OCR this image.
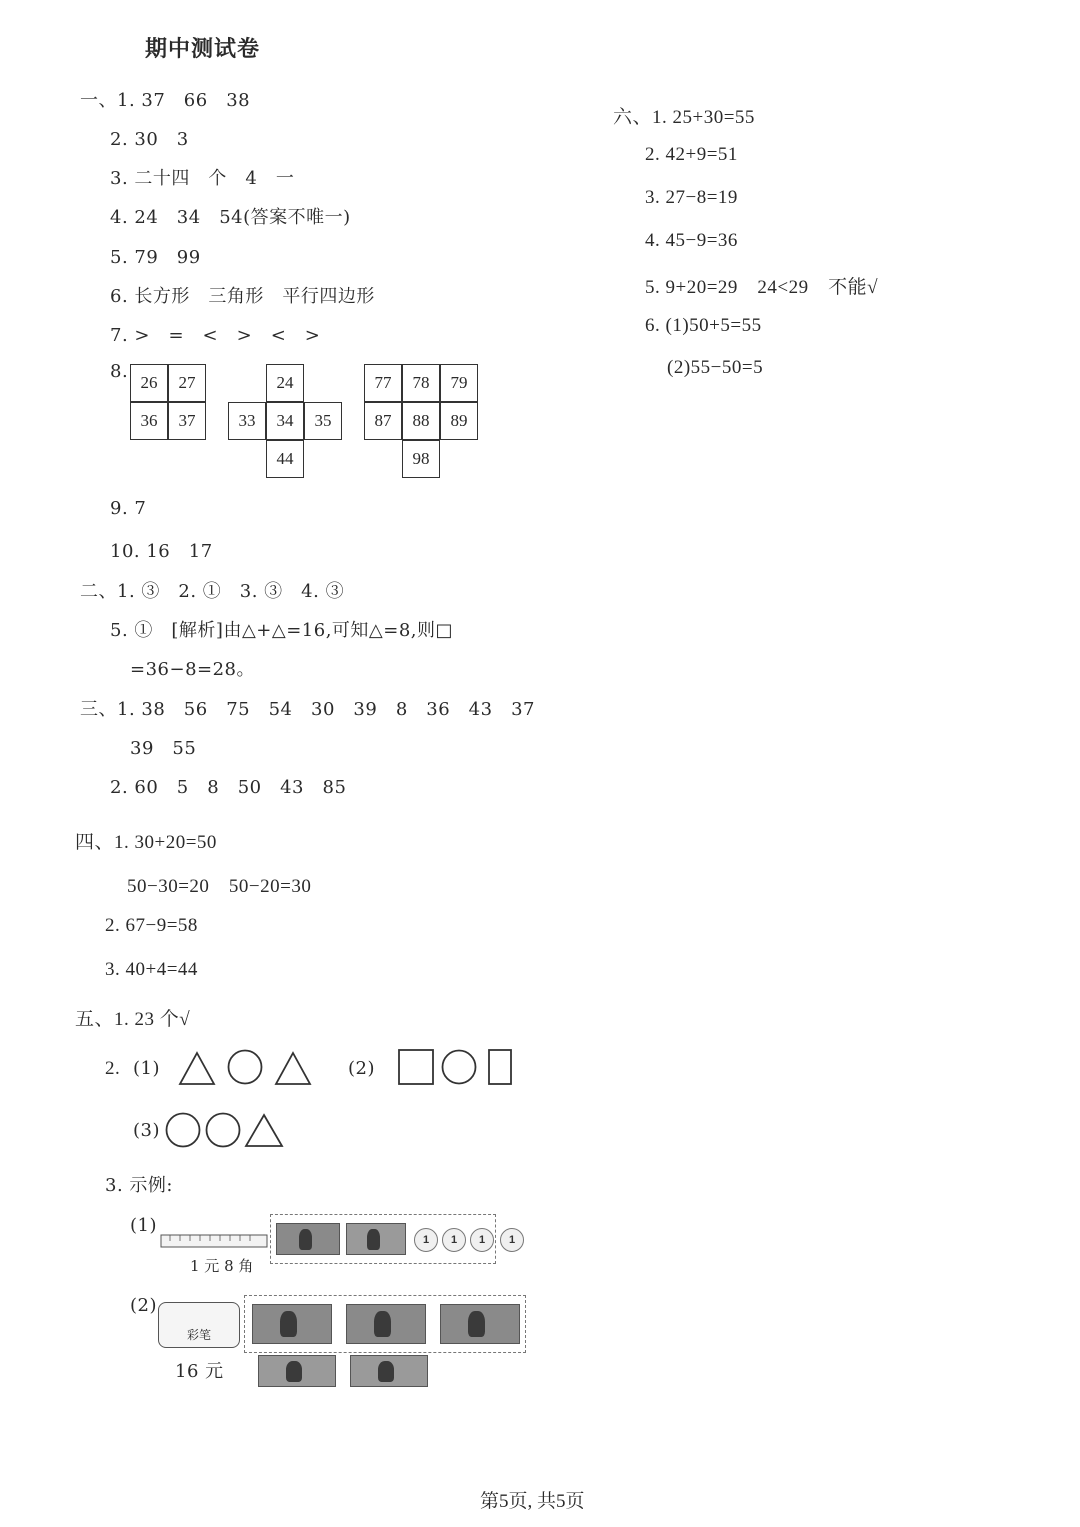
期中测试卷
一、1. 37　66　38
2. 30　3
3. 二十四　个　4　一
4. 24　34　54(答案不唯一)
5. 79　99
6. 长方形　三角形　平行四边形
7. >　=　<　>　<　>
8.
26	27
36	37
24
33	34	35
44
77	78	79
87	88	89
98
9. 7
10. 16　17
二、1. ③　2. ①　3. ③　4. ③
5. ①　[解析]由△+△=16,可知△=8,则□
=36−8=28。
三、1. 38　56　75　54　30　39　8　36　43　37
39　55
2. 60　5　8　50　43　85
四、1. 30+20=50
50−30=20　50−20=30
2. 67−9=58
3. 40+4=44
五、1. 23 个√
2. (1)	(2)
(3)
3. 示例:
(1)
1 元 8 角
1	1	1	1
(2)
彩笔
16 元
六、1. 25+30=55
2. 42+9=51
3. 27−8=19
4. 45−9=36
5. 9+20=29　24<29　不能√
6. (1)50+5=55
(2)55−50=5
第5页, 共5页
